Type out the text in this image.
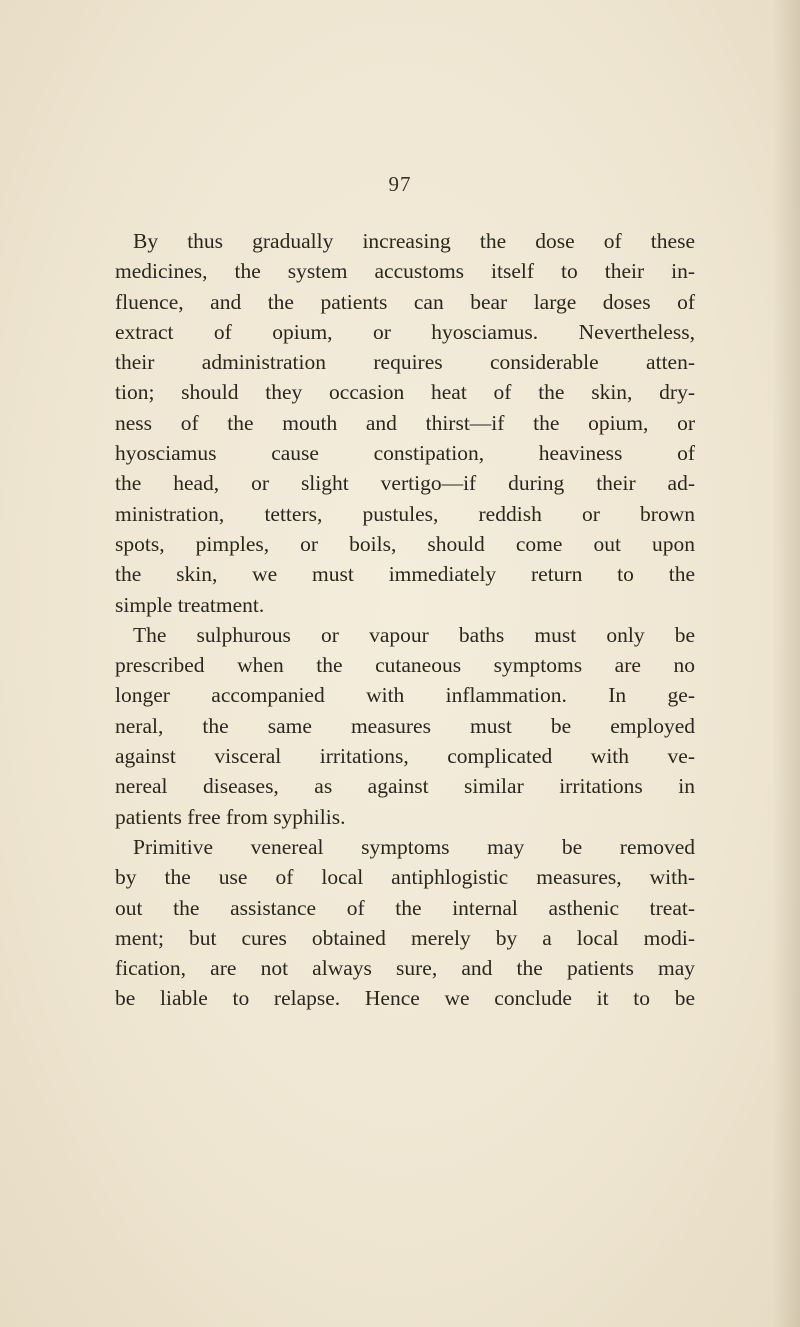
97
By thus gradually increasing the dose of these
medicines, the system accustoms itself to their in-
fluence, and the patients can bear large doses of
extract of opium, or hyosciamus. Nevertheless,
their administration requires considerable atten-
tion; should they occasion heat of the skin, dry-
ness of the mouth and thirst—if the opium, or
hyosciamus cause constipation, heaviness of
the head, or slight vertigo—if during their ad-
ministration, tetters, pustules, reddish or brown
spots, pimples, or boils, should come out upon
the skin, we must immediately return to the
simple treatment.
The sulphurous or vapour baths must only be
prescribed when the cutaneous symptoms are no
longer accompanied with inflammation. In ge-
neral, the same measures must be employed
against visceral irritations, complicated with ve-
nereal diseases, as against similar irritations in
patients free from syphilis.
Primitive venereal symptoms may be removed
by the use of local antiphlogistic measures, with-
out the assistance of the internal asthenic treat-
ment; but cures obtained merely by a local modi-
fication, are not always sure, and the patients may
be liable to relapse. Hence we conclude it to be
